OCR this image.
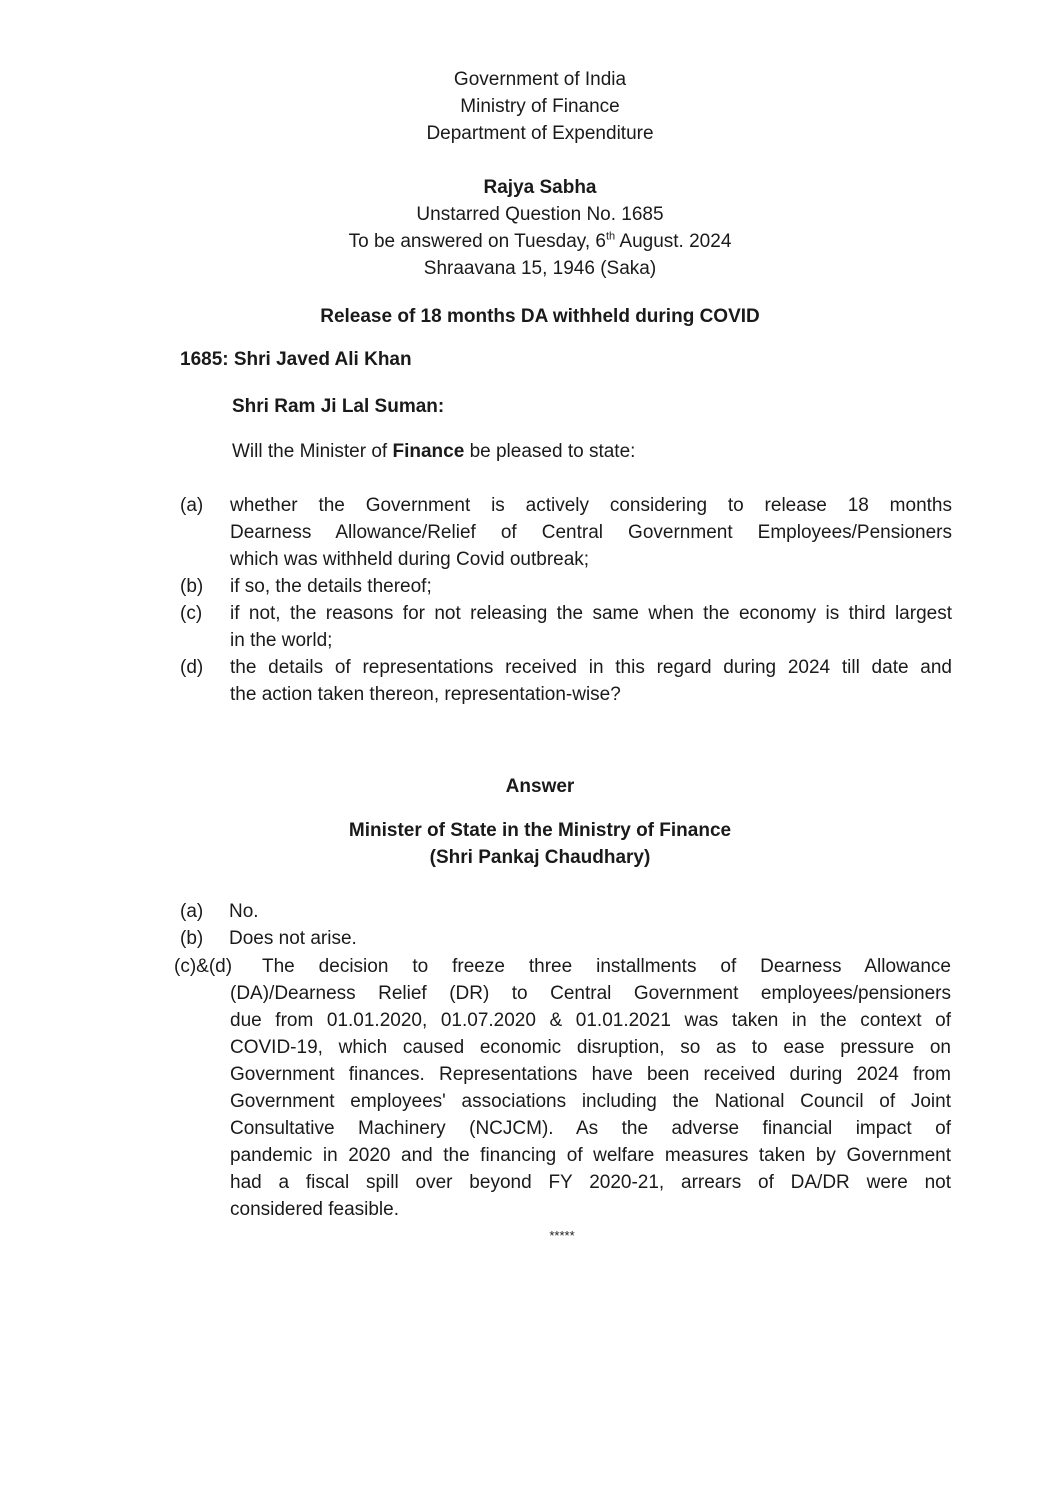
Government of India
Ministry of Finance
Department of Expenditure
Rajya Sabha
Unstarred Question No. 1685
To be answered on Tuesday, 6th August. 2024
Shraavana 15, 1946 (Saka)
Release of 18 months DA withheld during COVID
1685: Shri Javed Ali Khan
Shri Ram Ji Lal Suman:
Will the Minister of Finance be pleased to state:
(a) whether the Government is actively considering to release 18 months
Dearness Allowance/Relief of Central Government Employees/Pensioners
which was withheld during Covid outbreak;
(b) if so, the details thereof;
(c) if not, the reasons for not releasing the same when the economy is third largest
in the world;
(d) the details of representations received in this regard during 2024 till date and
the action taken thereon, representation-wise?
Answer
Minister of State in the Ministry of Finance
(Shri Pankaj Chaudhary)
(a) No.
(b) Does not arise.
(c)&(d) The decision to freeze three installments of Dearness Allowance
(DA)/Dearness Relief (DR) to Central Government employees/pensioners
due from 01.01.2020, 01.07.2020 & 01.01.2021 was taken in the context of
COVID-19, which caused economic disruption, so as to ease pressure on
Government finances. Representations have been received during 2024 from
Government employees' associations including the National Council of Joint
Consultative Machinery (NCJCM). As the adverse financial impact of
pandemic in 2020 and the financing of welfare measures taken by Government
had a fiscal spill over beyond FY 2020-21, arrears of DA/DR were not
considered feasible.
*****
